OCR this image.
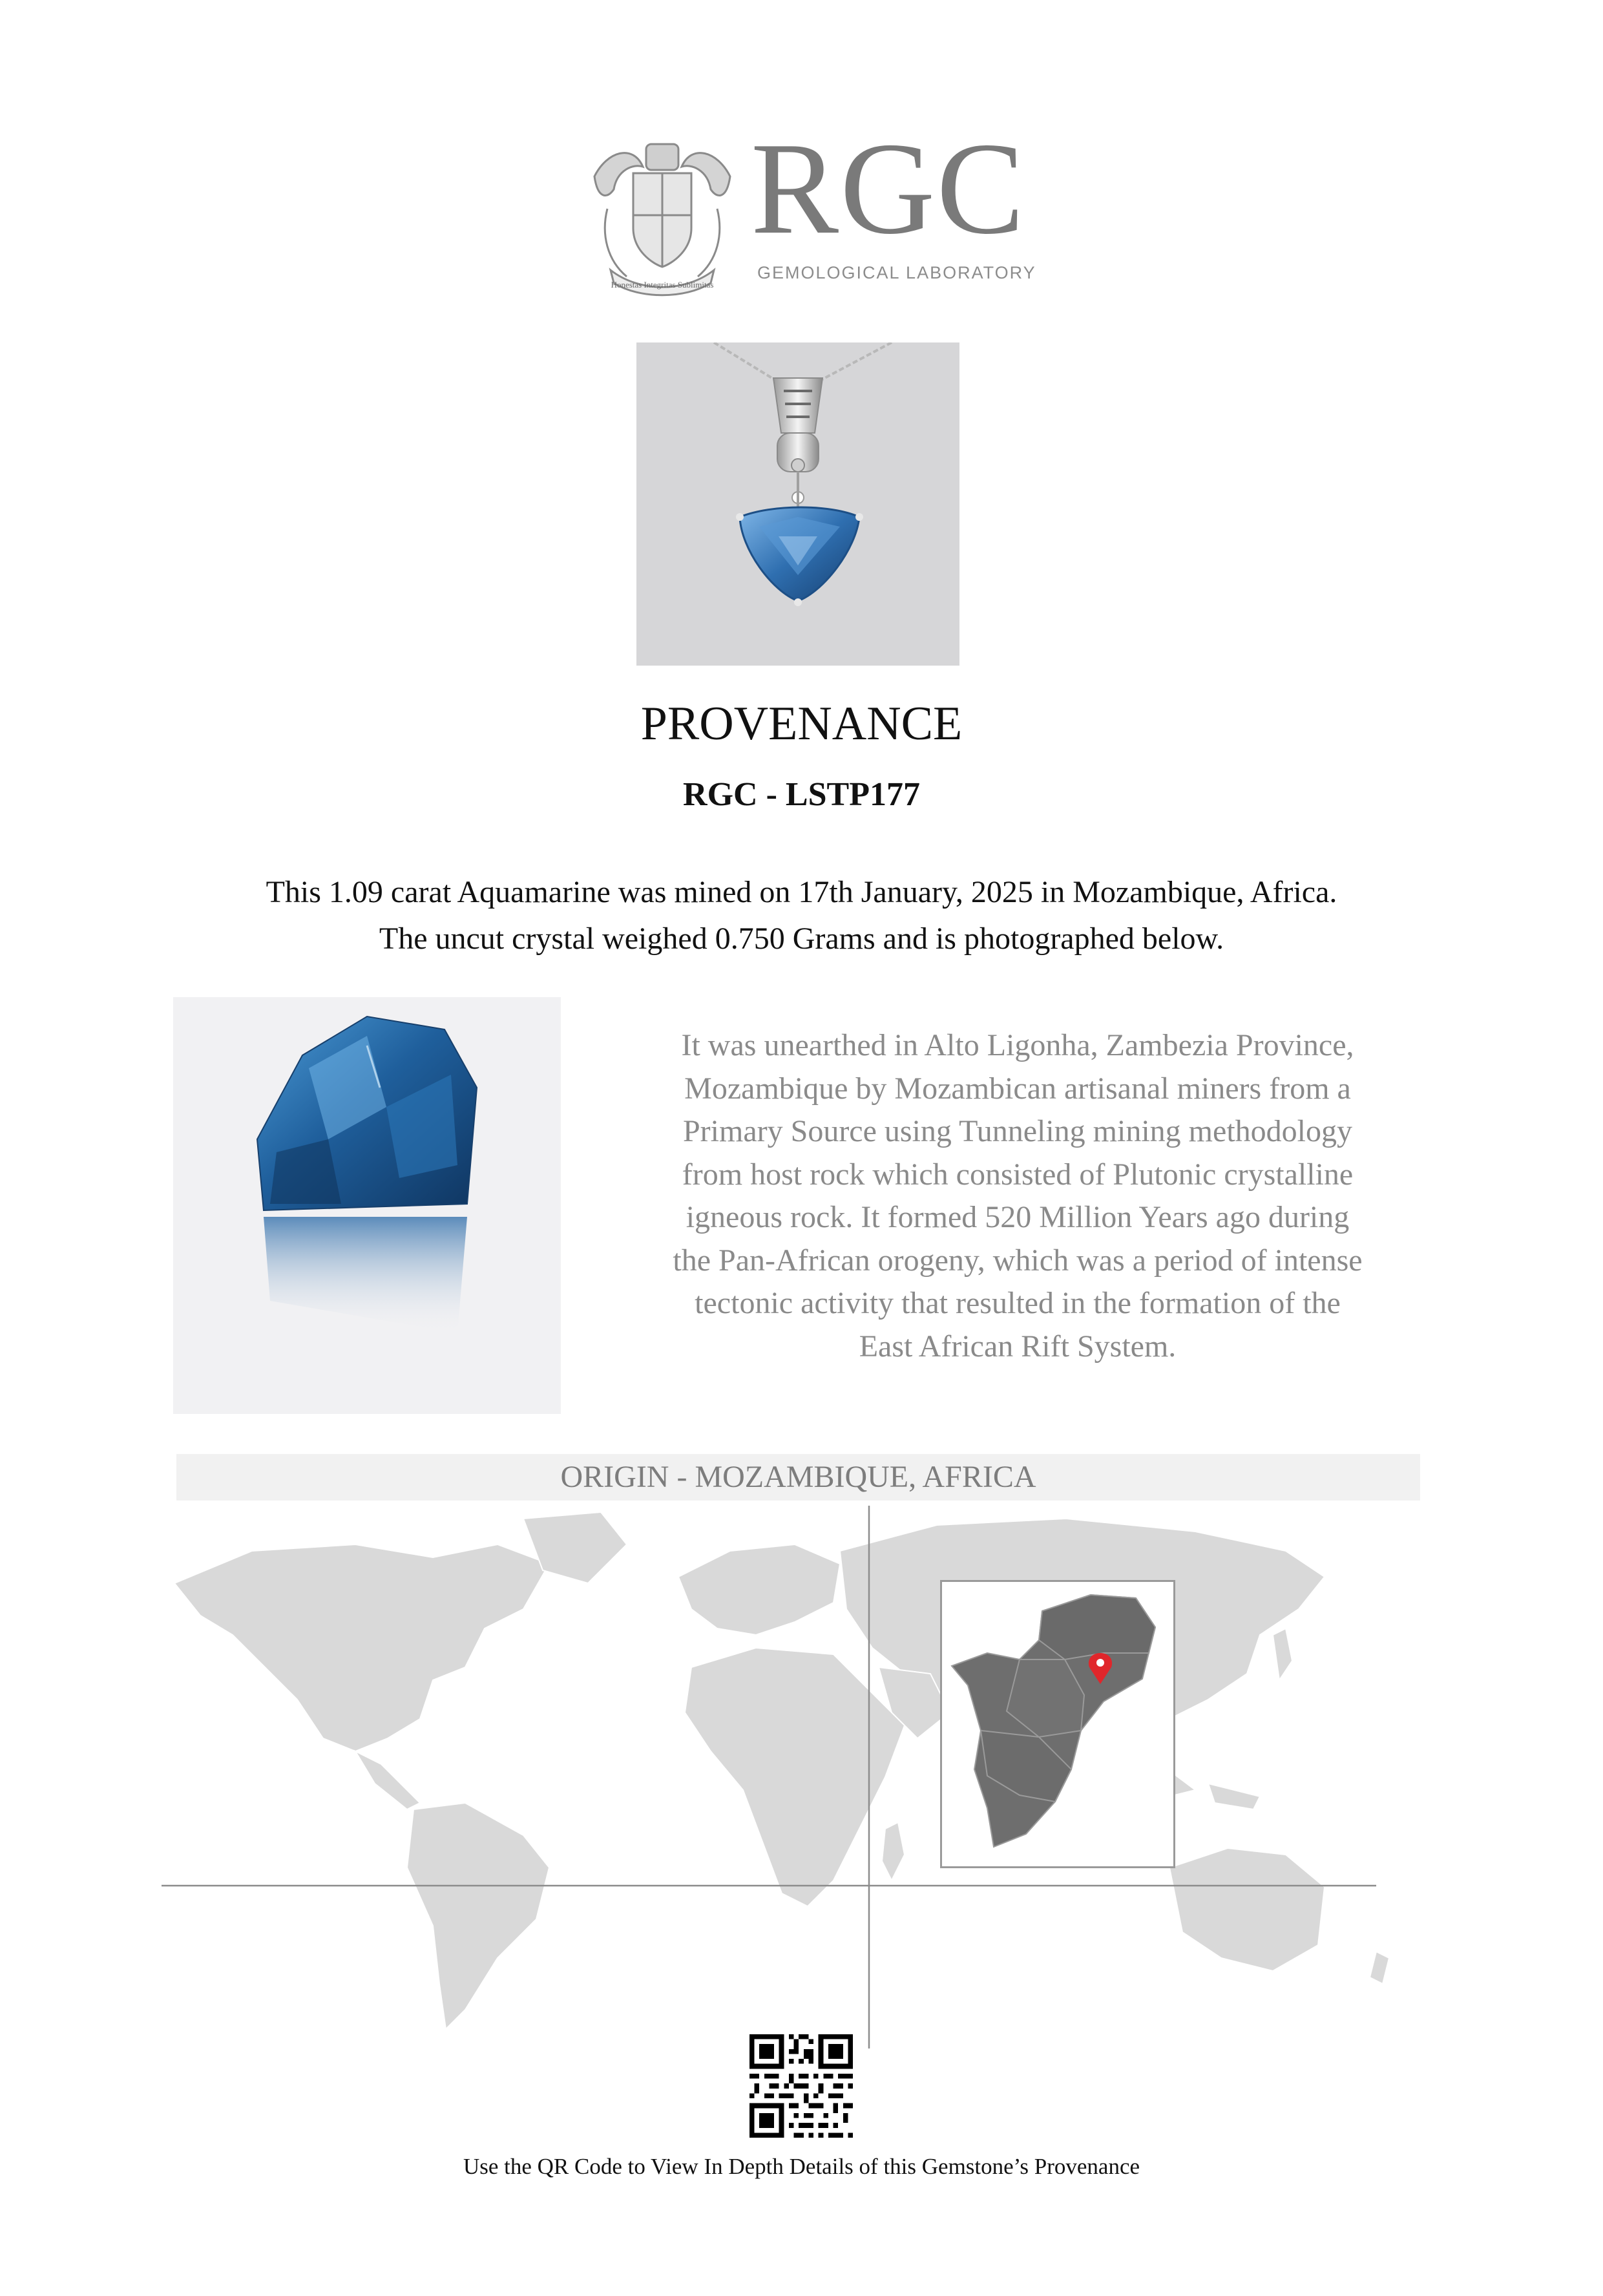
Honestas Integritas Sublimitas
RGC
GEMOLOGICAL LABORATORY
PROVENANCE
RGC - LSTP177
This 1.09 carat Aquamarine was mined on 17th January, 2025 in Mozambique, Africa.
The uncut crystal weighed 0.750 Grams and is photographed below.
It was unearthed in Alto Ligonha, Zambezia Province,
Mozambique by Mozambican artisanal miners from a
Primary Source using Tunneling mining methodology
from host rock which consisted of Plutonic crystalline
igneous rock. It formed 520 Million Years ago during
the Pan-African orogeny, which was a period of intense
tectonic activity that resulted in the formation of the
East African Rift System.
ORIGIN - MOZAMBIQUE, AFRICA
Use the QR Code to View In Depth Details of this Gemstone’s Provenance
